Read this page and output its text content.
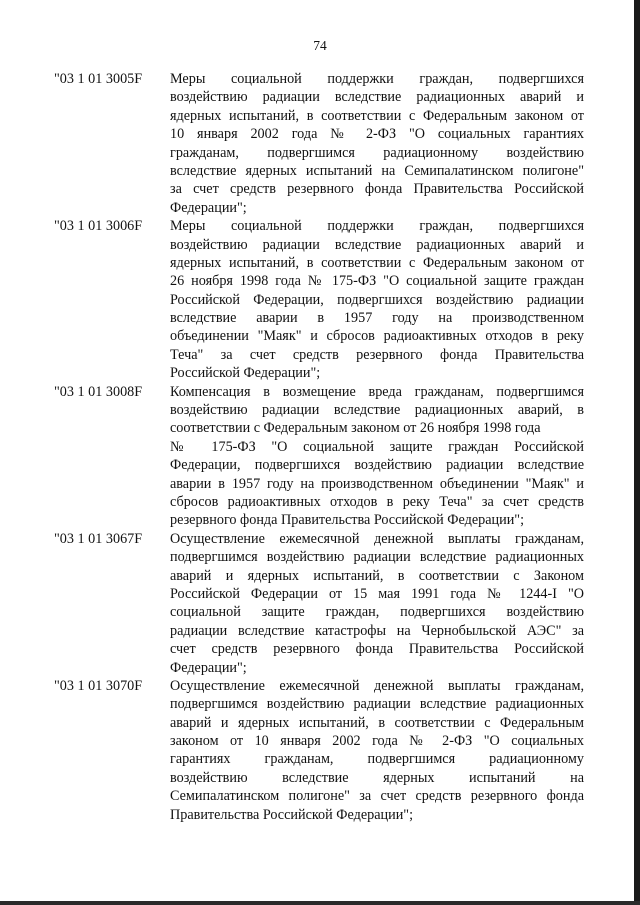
74
"03 1 01 3005F	Меры социальной поддержки граждан, подвергшихся
воздействию радиации вследствие радиационных аварий и
ядерных испытаний, в соответствии с Федеральным законом от
10 января 2002 года № 2-ФЗ "О социальных гарантиях
гражданам, подвергшимся радиационному воздействию
вследствие ядерных испытаний на Семипалатинском полигоне"
за счет средств резервного фонда Правительства Российской
Федерации";
"03 1 01 3006F	Меры социальной поддержки граждан, подвергшихся
воздействию радиации вследствие радиационных аварий и
ядерных испытаний, в соответствии с Федеральным законом от
26 ноября 1998 года № 175-ФЗ "О социальной защите граждан
Российской Федерации, подвергшихся воздействию радиации
вследствие аварии в 1957 году на производственном
объединении "Маяк" и сбросов радиоактивных отходов в реку
Теча" за счет средств резервного фонда Правительства
Российской Федерации";
"03 1 01 3008F	Компенсация в возмещение вреда гражданам, подвергшимся
воздействию радиации вследствие радиационных аварий, в
соответствии с Федеральным законом от 26 ноября 1998 года
№ 175-ФЗ "О социальной защите граждан Российской
Федерации, подвергшихся воздействию радиации вследствие
аварии в 1957 году на производственном объединении "Маяк" и
сбросов радиоактивных отходов в реку Теча" за счет средств
резервного фонда Правительства Российской Федерации";
"03 1 01 3067F	Осуществление ежемесячной денежной выплаты гражданам,
подвергшимся воздействию радиации вследствие радиационных
аварий и ядерных испытаний, в соответствии с Законом
Российской Федерации от 15 мая 1991 года № 1244-I "О
социальной защите граждан, подвергшихся воздействию
радиации вследствие катастрофы на Чернобыльской АЭС" за
счет средств резервного фонда Правительства Российской
Федерации";
"03 1 01 3070F	Осуществление ежемесячной денежной выплаты гражданам,
подвергшимся воздействию радиации вследствие радиационных
аварий и ядерных испытаний, в соответствии с Федеральным
законом от 10 января 2002 года № 2-ФЗ "О социальных
гарантиях гражданам, подвергшимся радиационному
воздействию вследствие ядерных испытаний на
Семипалатинском полигоне" за счет средств резервного фонда
Правительства Российской Федерации";
